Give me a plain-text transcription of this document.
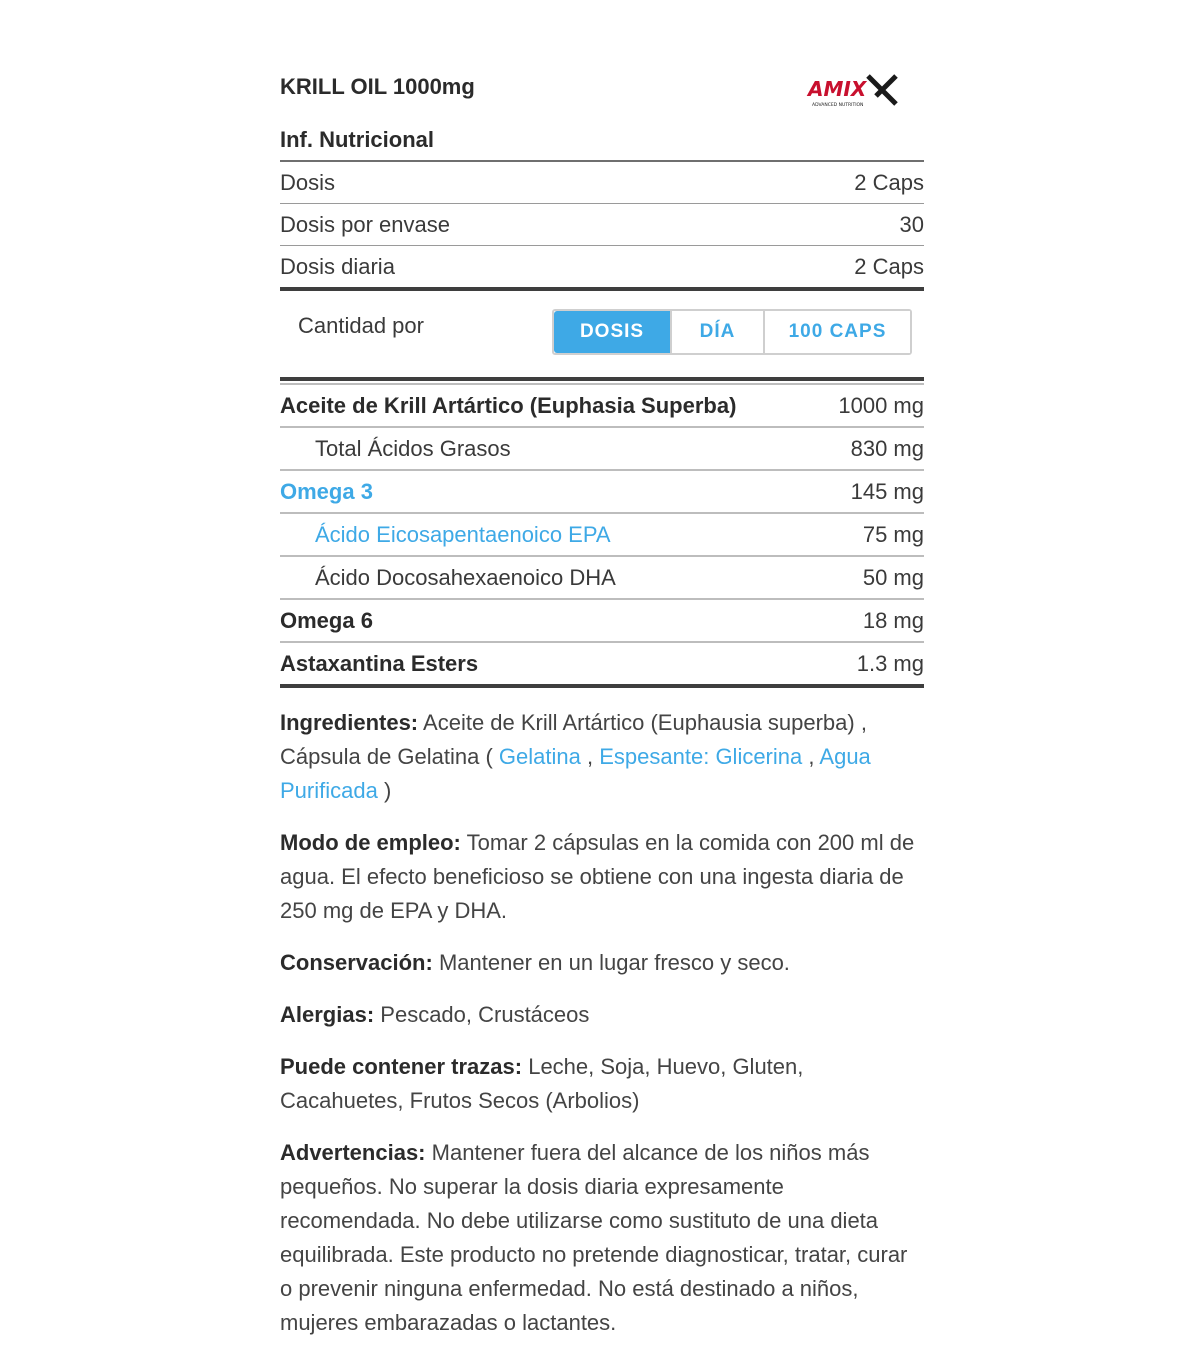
KRILL OIL 1000mg	AMIX
ADVANCED NUTRITION
Inf. Nutricional
Dosis	2 Caps
Dosis por envase	30
Dosis diaria	2 Caps
Cantidad por	DOSIS	DÍA	100 CAPS
Aceite de Krill Artártico (Euphasia Superba)	1000 mg
Total Ácidos Grasos	830 mg
Omega 3	145 mg
Ácido Eicosapentaenoico EPA	75 mg
Ácido Docosahexaenoico DHA	50 mg
Omega 6	18 mg
Astaxantina Esters	1.3 mg
Ingredientes: Aceite de Krill Artártico (Euphausia superba) , Cápsula de Gelatina ( Gelatina , Espesante: Glicerina , Agua Purificada )
Modo de empleo: Tomar 2 cápsulas en la comida con 200 ml de agua. El efecto beneficioso se obtiene con una ingesta diaria de 250 mg de EPA y DHA.
Conservación: Mantener en un lugar fresco y seco.
Alergias: Pescado, Crustáceos
Puede contener trazas: Leche, Soja, Huevo, Gluten, Cacahuetes, Frutos Secos (Arbolios)
Advertencias: Mantener fuera del alcance de los niños más pequeños. No superar la dosis diaria expresamente recomendada. No debe utilizarse como sustituto de una dieta equilibrada. Este producto no pretende diagnosticar, tratar, curar o prevenir ninguna enfermedad. No está destinado a niños, mujeres embarazadas o lactantes.
